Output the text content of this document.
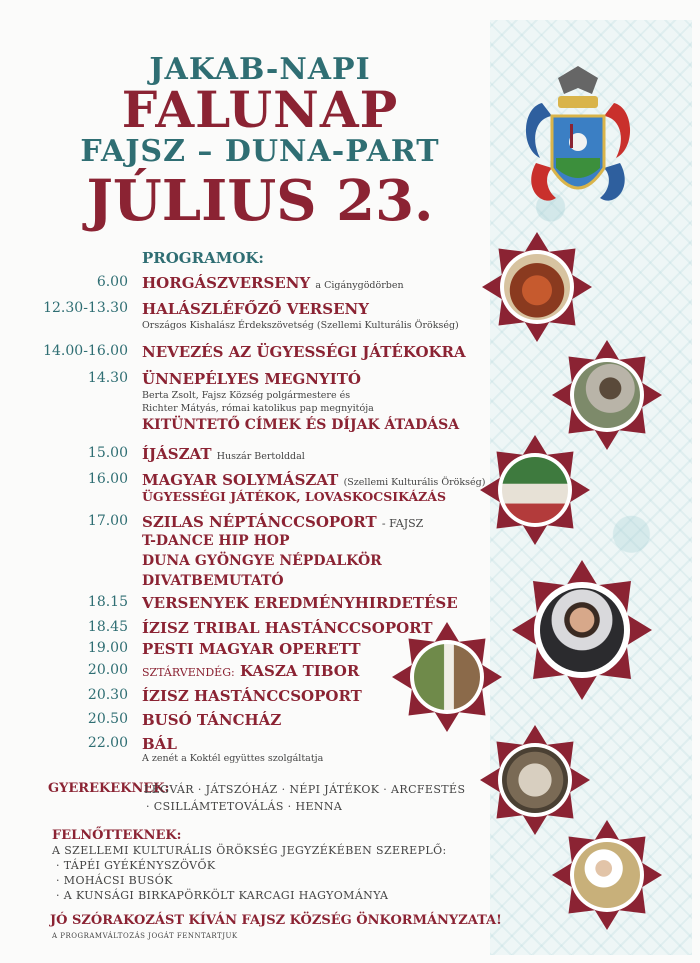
JAKAB-NAPI
FALUNAP
FAJSZ – DUNA-PART
JÚLIUS 23.
PROGRAMOK:
6.00 HORGÁSZVERSENY a Cigánygödörben
12.30-13.30 HALÁSZLÉFŐZŐ VERSENY
Országos Kishalász Érdekszövetség (Szellemi Kulturális Örökség)
14.00-16.00 NEVEZÉS AZ ÜGYESSÉGI JÁTÉKOKRA
14.30 ÜNNEPÉLYES MEGNYITÓ
Berta Zsolt, Fajsz Község polgármestere és
Richter Mátyás, római katolikus pap megnyitója
KITÜNTETŐ CÍMEK ÉS DÍJAK ÁTADÁSA
15.00 ÍJÁSZAT Huszár Bertolddal
16.00 MAGYAR SOLYMÁSZAT (Szellemi Kulturális Örökség)
ÜGYESSÉGI JÁTÉKOK, LOVASKOCSIKÁZÁS
17.00 SZILAS NÉPTÁNCCSOPORT - FAJSZ
T-DANCE HIP HOP
DUNA GYÖNGYE NÉPDALKÖR
DIVATBEMUTATÓ
18.15 VERSENYEK EREDMÉNYHIRDETÉSE
18.45 ÍZISZ TRIBAL HASTÁNCCSOPORT
19.00 PESTI MAGYAR OPERETT
20.00 SZTÁRVENDÉG: KASZA TIBOR
20.30 ÍZISZ HASTÁNCCSOPORT
20.50 BUSÓ TÁNCHÁZ
22.00 BÁL
A zenét a Koktél együttes szolgáltatja
GYEREKEKNEK:
LÉGVÁR · JÁTSZÓHÁZ · NÉPI JÁTÉKOK · ARCFESTÉS
· CSILLÁMTETOVÁLÁS · HENNA
FELNŐTTEKNEK:
A SZELLEMI KULTURÁLIS ÖRÖKSÉG JEGYZÉKÉBEN SZEREPLŐ:
· TÁPÉI GYÉKÉNYSZÖVŐK
· MOHÁCSI BUSÓK
· A KUNSÁGI BIRKAPÖRKÖLT KARCAGI HAGYOMÁNYA
JÓ SZÓRAKOZÁST KÍVÁN FAJSZ KÖZSÉG ÖNKORMÁNYZATA!
A PROGRAMVÁLTOZÁS JOGÁT FENNTARTJUK
